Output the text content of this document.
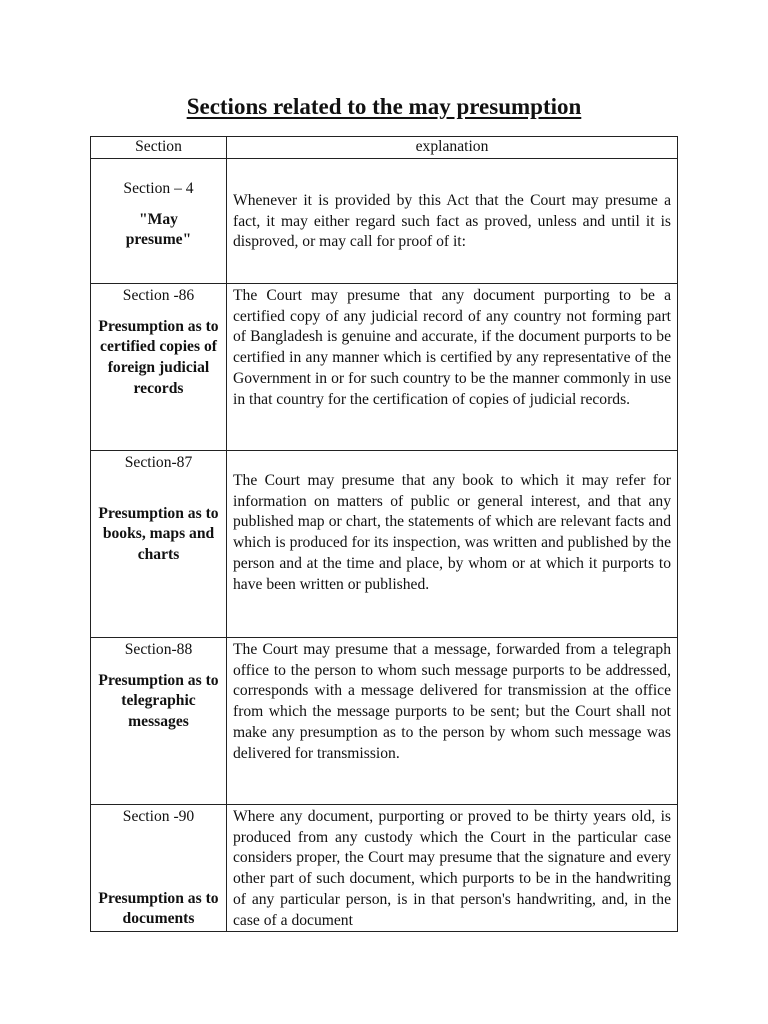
Sections related to the may presumption
Section	explanation

Section – 4
"May presume"	Whenever it is provided by this Act that the Court may presume a fact, it may either regard such fact as proved, unless and until it is disproved, or may call for proof of it:

Section -86
Presumption as to certified copies of foreign judicial records	The Court may presume that any document purporting to be a certified copy of any judicial record of any country not forming part of Bangladesh is genuine and accurate, if the document purports to be certified in any manner which is certified by any representative of the Government in or for such country to be the manner commonly in use in that country for the certification of copies of judicial records.

Section-87
Presumption as to books, maps and charts	The Court may presume that any book to which it may refer for information on matters of public or general interest, and that any published map or chart, the statements of which are relevant facts and which is produced for its inspection, was written and published by the person and at the time and place, by whom or at which it purports to have been written or published.

Section-88
Presumption as to telegraphic messages	The Court may presume that a message, forwarded from a telegraph office to the person to whom such message purports to be addressed, corresponds with a message delivered for transmission at the office from which the message purports to be sent; but the Court shall not make any presumption as to the person by whom such message was delivered for transmission.

Section -90
Presumption as to documents	Where any document, purporting or proved to be thirty years old, is produced from any custody which the Court in the particular case considers proper, the Court may presume that the signature and every other part of such document, which purports to be in the handwriting of any particular person, is in that person's handwriting, and, in the case of a document
